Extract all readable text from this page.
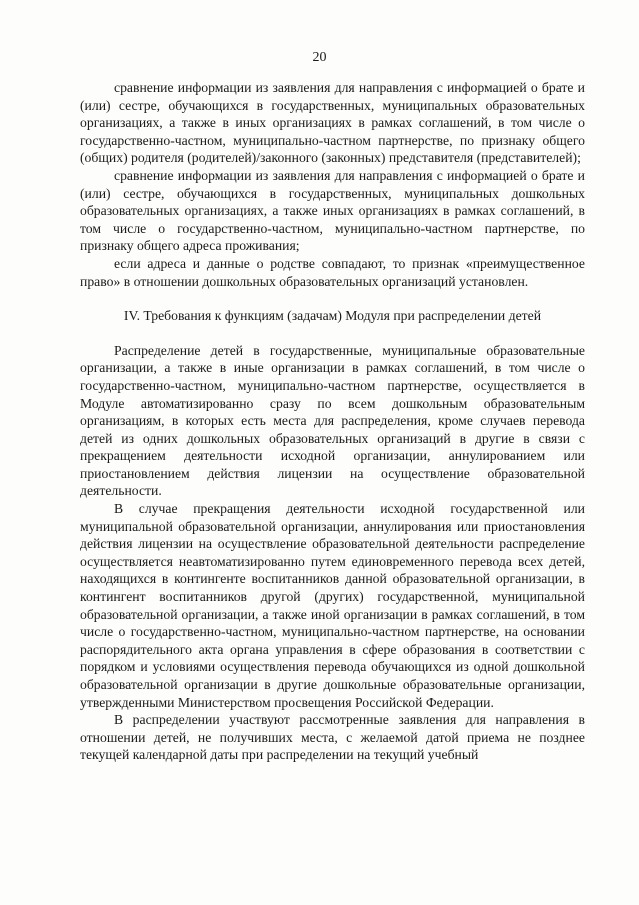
20

сравнение информации из заявления для направления с информацией о брате и (или) сестре, обучающихся в государственных, муниципальных образовательных организациях, а также в иных организациях в рамках соглашений, в том числе о государственно-частном, муниципально-частном партнерстве, по признаку общего (общих) родителя (родителей)/законного (законных) представителя (представителей);

сравнение информации из заявления для направления с информацией о брате и (или) сестре, обучающихся в государственных, муниципальных дошкольных образовательных организациях, а также иных организациях в рамках соглашений, в том числе о государственно-частном, муниципально-частном партнерстве, по признаку общего адреса проживания;

если адреса и данные о родстве совпадают, то признак «преимущественное право» в отношении дошкольных образовательных организаций установлен.

IV. Требования к функциям (задачам) Модуля при распределении детей

Распределение детей в государственные, муниципальные образовательные организации, а также в иные организации в рамках соглашений, в том числе о государственно-частном, муниципально-частном партнерстве, осуществляется в Модуле автоматизированно сразу по всем дошкольным образовательным организациям, в которых есть места для распределения, кроме случаев перевода детей из одних дошкольных образовательных организаций в другие в связи с прекращением деятельности исходной организации, аннулированием или приостановлением действия лицензии на осуществление образовательной деятельности.

В случае прекращения деятельности исходной государственной или муниципальной образовательной организации, аннулирования или приостановления действия лицензии на осуществление образовательной деятельности распределение осуществляется неавтоматизированно путем единовременного перевода всех детей, находящихся в контингенте воспитанников данной образовательной организации, в контингент воспитанников другой (других) государственной, муниципальной образовательной организации, а также иной организации в рамках соглашений, в том числе о государственно-частном, муниципально-частном партнерстве, на основании распорядительного акта органа управления в сфере образования в соответствии с порядком и условиями осуществления перевода обучающихся из одной дошкольной образовательной организации в другие дошкольные образовательные организации, утвержденными Министерством просвещения Российской Федерации.

В распределении участвуют рассмотренные заявления для направления в отношении детей, не получивших места, с желаемой датой приема не позднее текущей календарной даты при распределении на текущий учебный
